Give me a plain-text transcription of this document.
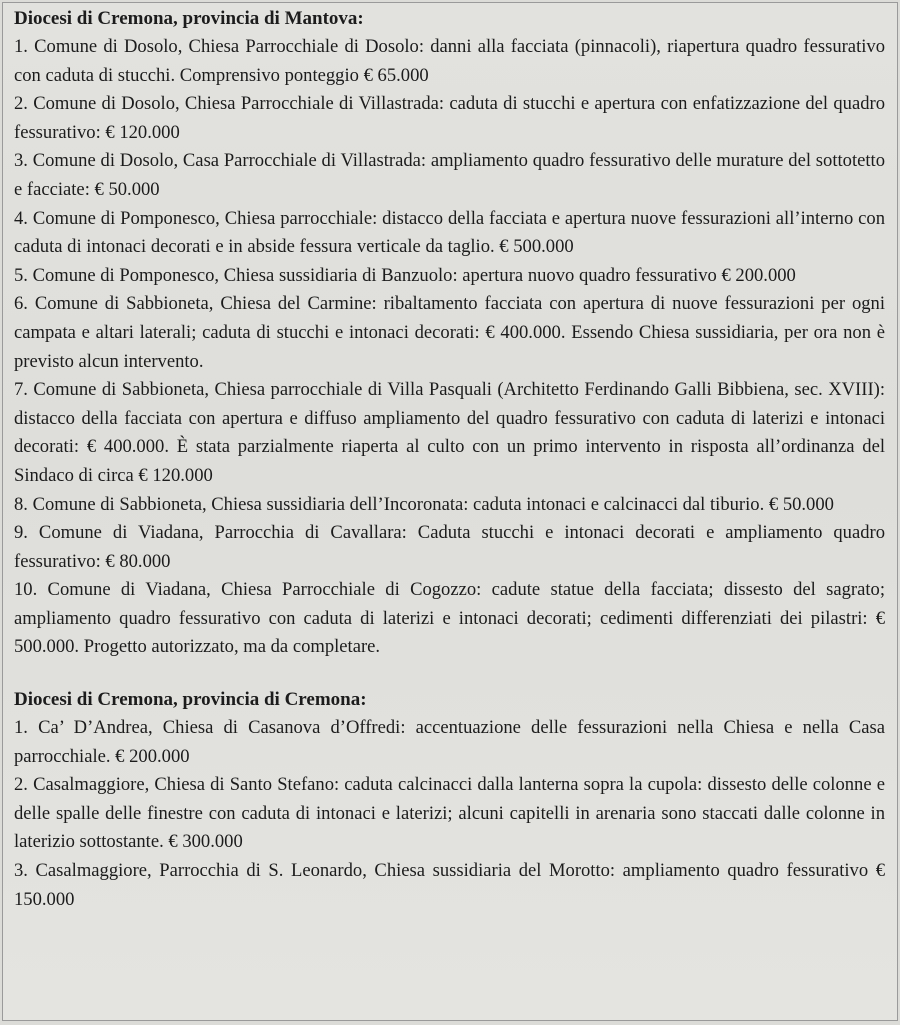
Diocesi di Cremona, provincia di Mantova:

1. Comune di Dosolo, Chiesa Parrocchiale di Dosolo: danni alla facciata (pinnacoli), riapertura quadro fessurativo con caduta di stucchi. Comprensivo ponteggio € 65.000

2. Comune di Dosolo, Chiesa Parrocchiale di Villastrada: caduta di stucchi e apertura con enfatizzazione del quadro fessurativo: € 120.000

3. Comune di Dosolo, Casa Parrocchiale di Villastrada: ampliamento quadro fessurativo delle murature del sottotetto e facciate: € 50.000

4. Comune di Pomponesco, Chiesa parrocchiale: distacco della facciata e apertura nuove fessurazioni all’interno con caduta di intonaci decorati e in abside fessura verticale da taglio. € 500.000

5. Comune di Pomponesco, Chiesa sussidiaria di Banzuolo: apertura nuovo quadro fessurativo € 200.000

6. Comune di Sabbioneta, Chiesa del Carmine: ribaltamento facciata con apertura di nuove fessurazioni per ogni campata e altari laterali; caduta di stucchi e intonaci decorati: € 400.000. Essendo Chiesa sussidiaria, per ora non è previsto alcun intervento.

7. Comune di Sabbioneta, Chiesa parrocchiale di Villa Pasquali (Architetto Ferdinando Galli Bibbiena, sec. XVIII): distacco della facciata con apertura e diffuso ampliamento del quadro fessurativo con caduta di laterizi e intonaci decorati: € 400.000. È stata parzialmente riaperta al culto con un primo intervento in risposta all’ordinanza del Sindaco di circa € 120.000

8. Comune di Sabbioneta, Chiesa sussidiaria dell’Incoronata: caduta intonaci e calcinacci dal tiburio. € 50.000

9. Comune di Viadana, Parrocchia di Cavallara: Caduta stucchi e intonaci decorati e ampliamento quadro fessurativo: € 80.000

10. Comune di Viadana, Chiesa Parrocchiale di Cogozzo: cadute statue della facciata; dissesto del sagrato; ampliamento quadro fessurativo con caduta di laterizi e intonaci decorati; cedimenti differenziati dei pilastri: € 500.000. Progetto autorizzato, ma da completare.

Diocesi di Cremona, provincia di Cremona:

1. Ca’ D’Andrea, Chiesa di Casanova d’Offredi: accentuazione delle fessurazioni nella Chiesa e nella Casa parrocchiale. € 200.000

2. Casalmaggiore, Chiesa di Santo Stefano: caduta calcinacci dalla lanterna sopra la cupola: dissesto delle colonne e delle spalle delle finestre con caduta di intonaci e laterizi; alcuni capitelli in arenaria sono staccati dalle colonne in laterizio sottostante. € 300.000

3. Casalmaggiore, Parrocchia di S. Leonardo, Chiesa sussidiaria del Morotto: ampliamento quadro fessurativo € 150.000
